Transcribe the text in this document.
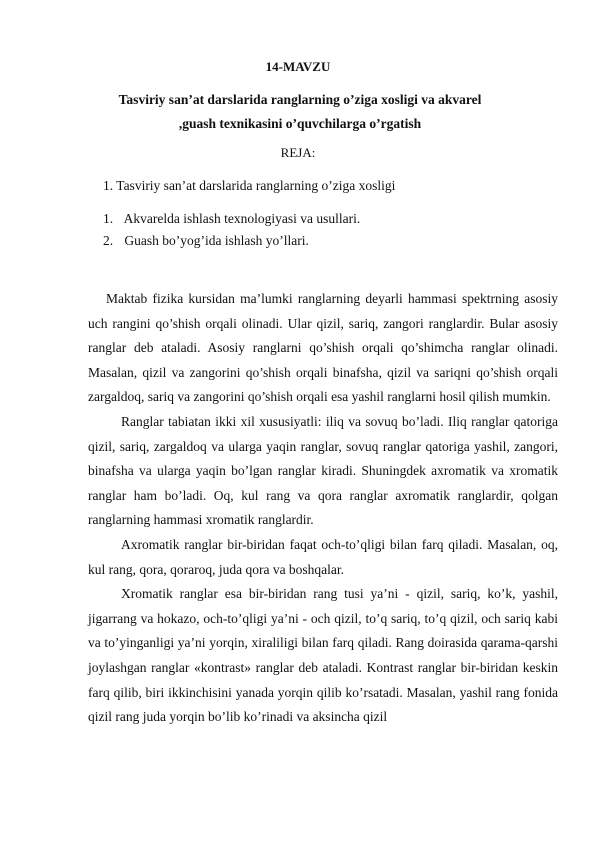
14-MAVZU
Tasviriy san’at darslarida ranglarning o’ziga xosligi va akvarel ,guash texnikasini o’quvchilarga o’rgatish
REJA:
1. Tasviriy san’at darslarida ranglarning o’ziga xosligi
1. Akvarelda ishlash texnologiyasi va usullari.
2. Guash bo’yog’ida ishlash yo’llari.

Maktab fizika kursidan ma’lumki ranglarning deyarli hammasi spektrning asosiy uch rangini qo’shish orqali olinadi. Ular qizil, sariq, zangori ranglardir. Bular asosiy ranglar deb ataladi. Asosiy ranglarni qo’shish orqali qo’shimcha ranglar olinadi. Masalan, qizil va zangorini qo’shish orqali binafsha, qizil va sariqni qo’shish orqali zargaldoq, sariq va zangorini qo’shish orqali esa yashil ranglarni hosil qilish mumkin.

Ranglar tabiatan ikki xil xususiyatli: iliq va sovuq bo’ladi. Iliq ranglar qatoriga qizil, sariq, zargaldoq va ularga yaqin ranglar, sovuq ranglar qatoriga yashil, zangori, binafsha va ularga yaqin bo’lgan ranglar kiradi. Shuningdek axromatik va xromatik ranglar ham bo’ladi. Oq, kul rang va qora ranglar axromatik ranglardir, qolgan ranglarning hammasi xromatik ranglardir.

Axromatik ranglar bir-biridan faqat och-to’qligi bilan farq qiladi. Masalan, oq, kul rang, qora, qoraroq, juda qora va boshqalar.

Xromatik ranglar esa bir-biridan rang tusi ya’ni - qizil, sariq, ko’k, yashil, jigarrang va hokazo, och-to’qligi ya’ni - och qizil, to’q sariq, to’q qizil, och sariq kabi va to’yinganligi ya’ni yorqin, xiraliligi bilan farq qiladi. Rang doirasida qarama-qarshi joylashgan ranglar «kontrast» ranglar deb ataladi. Kontrast ranglar bir-biridan keskin farq qilib, biri ikkinchisini yanada yorqin qilib ko’rsatadi. Masalan, yashil rang fonida qizil rang juda yorqin bo’lib ko’rinadi va aksincha qizil
